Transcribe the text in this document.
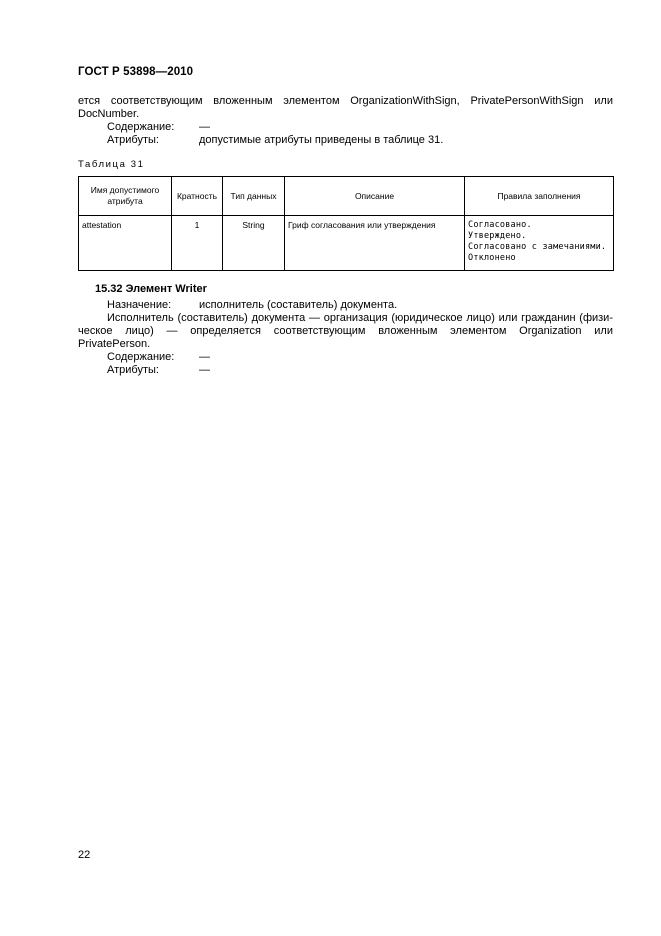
ГОСТ Р 53898—2010
ется соответствующим вложенным элементом OrganizationWithSign, PrivatePersonWithSign или
DocNumber.
Содержание: —
Атрибуты:	допустимые атрибуты приведены в таблице 31.
Таблица 31
Имя допустимого атрибута	Кратность	Тип данных	Описание	Правила заполнения
attestation	1	String	Гриф согласования или утверждения	Согласовано.
Утверждено.
Согласовано с замечаниями.
Отклонено
15.32 Элемент Writer
Назначение:	исполнитель (составитель) документа.
Исполнитель (составитель) документа — организация (юридическое лицо) или гражданин (физи-
ческое лицо) — определяется соответствующим вложенным элементом Organization или
PrivatePerson.
Содержание: —
Атрибуты:	—
22
